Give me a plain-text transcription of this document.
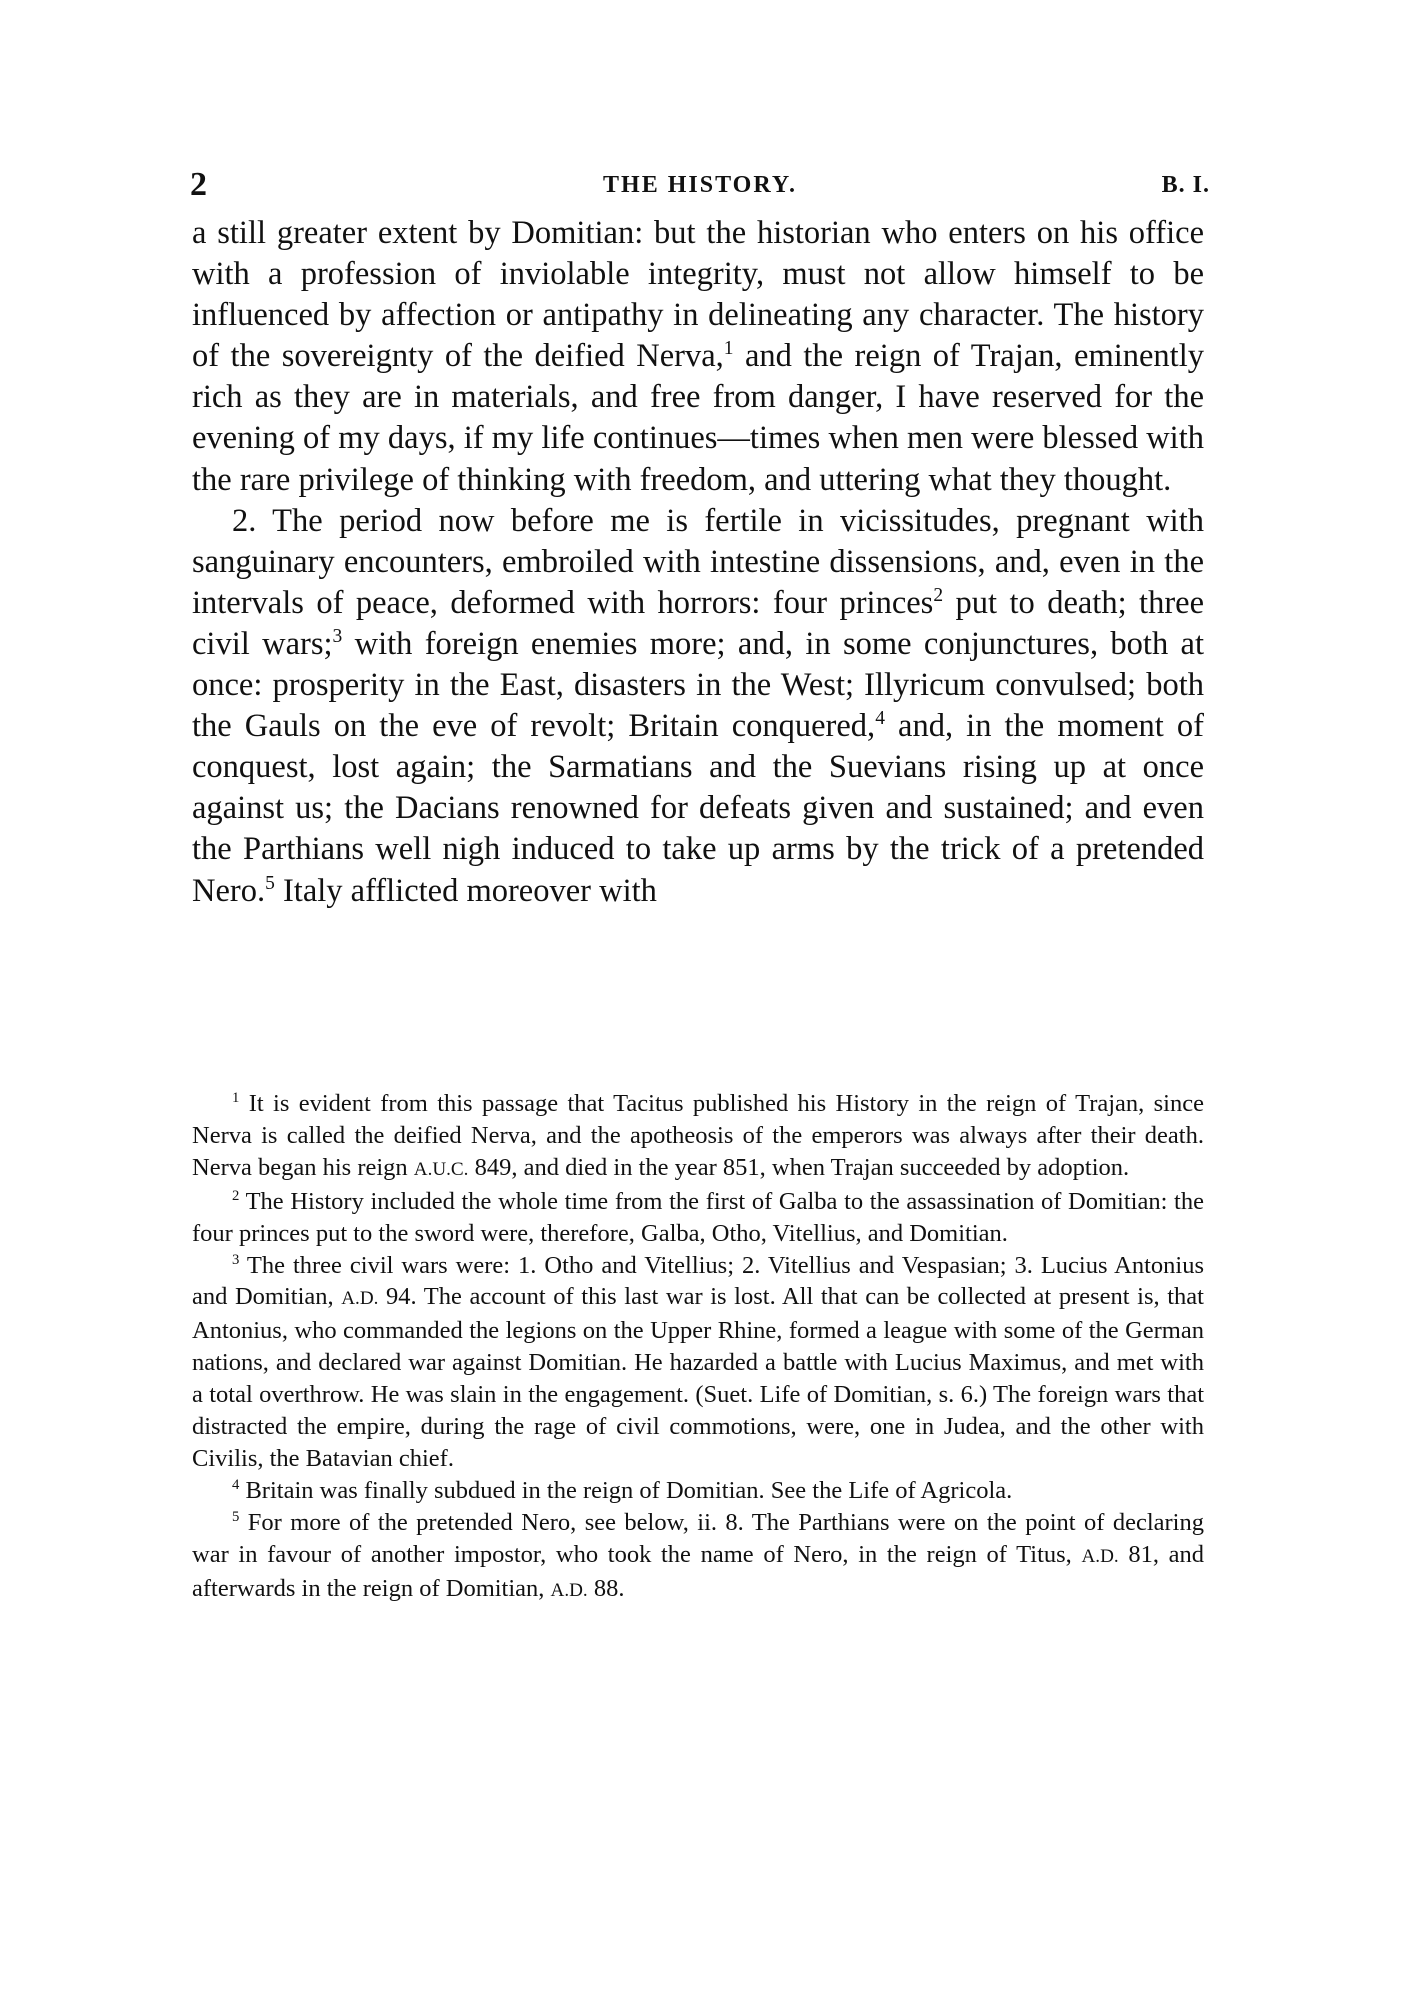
2	THE HISTORY.	B. I.

a still greater extent by Domitian: but the historian who enters on his office with a profession of inviolable integrity, must not allow himself to be influenced by affection or antipathy in delineating any character. The history of the sovereignty of the deified Nerva,$^1$ and the reign of Trajan, eminently rich as they are in materials, and free from danger, I have reserved for the evening of my days, if my life continues—times when men were blessed with the rare privilege of thinking with freedom, and uttering what they thought.

2. The period now before me is fertile in vicissitudes, pregnant with sanguinary encounters, embroiled with intestine dissensions, and, even in the intervals of peace, deformed with horrors: four princes$^2$ put to death; three civil wars;$^3$ with foreign enemies more; and, in some conjunctures, both at once: prosperity in the East, disasters in the West; Illyricum convulsed; both the Gauls on the eve of revolt; Britain conquered,$^4$ and, in the moment of conquest, lost again; the Sarmatians and the Suevians rising up at once against us; the Dacians renowned for defeats given and sustained; and even the Parthians well nigh induced to take up arms by the trick of a pretended Nero.$^5$ Italy afflicted moreover with

$^1$ It is evident from this passage that Tacitus published his History in the reign of Trajan, since Nerva is called the deified Nerva, and the apotheosis of the emperors was always after their death. Nerva began his reign A.U.C. 849, and died in the year 851, when Trajan succeeded by adoption.

$^2$ The History included the whole time from the first of Galba to the assassination of Domitian: the four princes put to the sword were, therefore, Galba, Otho, Vitellius, and Domitian.

$^3$ The three civil wars were: 1. Otho and Vitellius; 2. Vitellius and Vespasian; 3. Lucius Antonius and Domitian, A.D. 94. The account of this last war is lost. All that can be collected at present is, that Antonius, who commanded the legions on the Upper Rhine, formed a league with some of the German nations, and declared war against Domitian. He hazarded a battle with Lucius Maximus, and met with a total overthrow. He was slain in the engagement. (Suet. Life of Domitian, s. 6.) The foreign wars that distracted the empire, during the rage of civil commotions, were, one in Judea, and the other with Civilis, the Batavian chief.

$^4$ Britain was finally subdued in the reign of Domitian. See the Life of Agricola.

$^5$ For more of the pretended Nero, see below, ii. 8. The Parthians were on the point of declaring war in favour of another impostor, who took the name of Nero, in the reign of Titus, A.D. 81, and afterwards in the reign of Domitian, A.D. 88.
